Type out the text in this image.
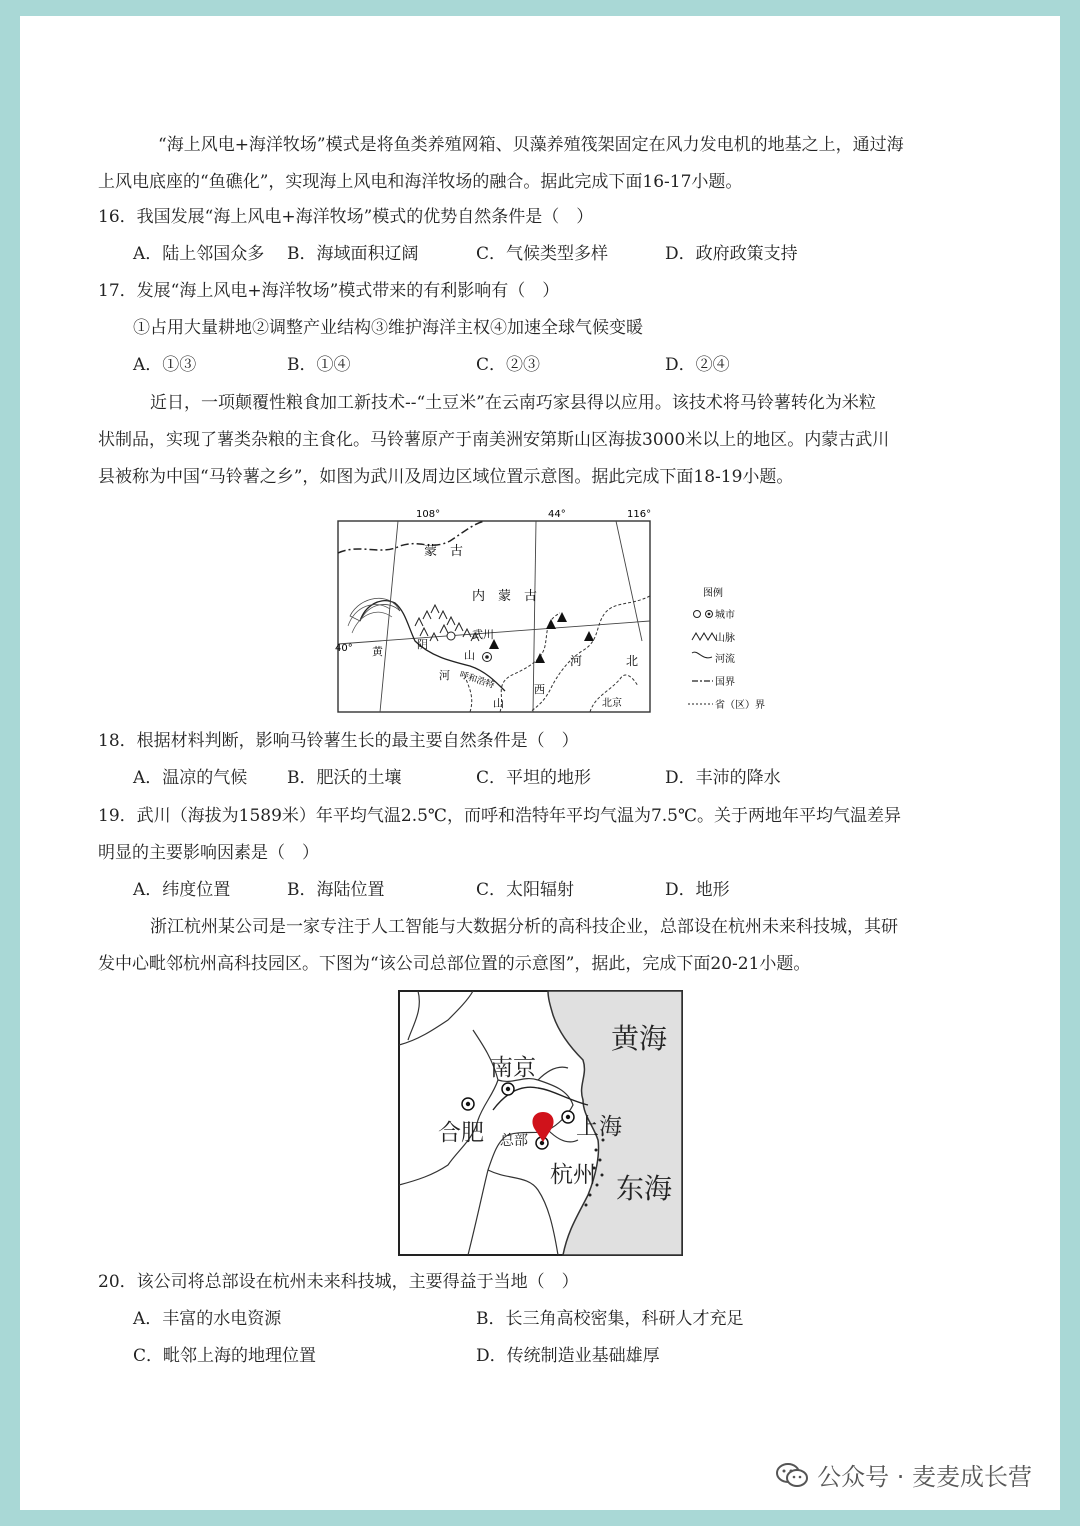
“海上风电+海洋牧场”模式是将鱼类养殖网箱、贝藻养殖筏架固定在风力发电机的地基之上，通过海
上风电底座的“鱼礁化”，实现海上风电和海洋牧场的融合。据此完成下面16-17小题。
16．我国发展“海上风电+海洋牧场”模式的优势自然条件是（　）
A．陆上邻国众多 B．海域面积辽阔	C．气候类型多样	D．政府政策支持
17．发展“海上风电+海洋牧场”模式带来的有利影响有（　）
①占用大量耕地②调整产业结构③维护海洋主权④加速全球气候变暖
A．①③	B．①④	C．②③	D．②④
近日，一项颠覆性粮食加工新技术--“土豆米”在云南巧家县得以应用。该技术将马铃薯转化为米粒
状制品，实现了薯类杂粮的主食化。马铃薯原产于南美洲安第斯山区海拔3000米以上的地区。内蒙古武川
县被称为中国“马铃薯之乡”，如图为武川及周边区域位置示意图。据此完成下面18-19小题。
108°	44°	116°
40°
蒙　古
内　蒙　古
武川
黄
阴
山
河 呼和浩特
山
西
河	北
北京
图例
城市
山脉
河流
国界
省（区）界
18．根据材料判断，影响马铃薯生长的最主要自然条件是（　）
A．温凉的气候 B．肥沃的土壤	C．平坦的地形	D．丰沛的降水
19．武川（海拔为1589米）年平均气温2.5℃，而呼和浩特年平均气温为7.5℃。关于两地年平均气温差异
明显的主要影响因素是（　）
A．纬度位置	B．海陆位置	C．太阳辐射	D．地形
浙江杭州某公司是一家专注于人工智能与大数据分析的高科技企业，总部设在杭州未来科技城，其研
发中心毗邻杭州高科技园区。下图为“该公司总部位置的示意图”，据此，完成下面20-21小题。
黄海
东海
南京
合肥	上海
杭州
总部
20．该公司将总部设在杭州未来科技城，主要得益于当地（　）
A．丰富的水电资源	B．长三角高校密集，科研人才充足
C．毗邻上海的地理位置	D．传统制造业基础雄厚
公众号 · 麦麦成长营
